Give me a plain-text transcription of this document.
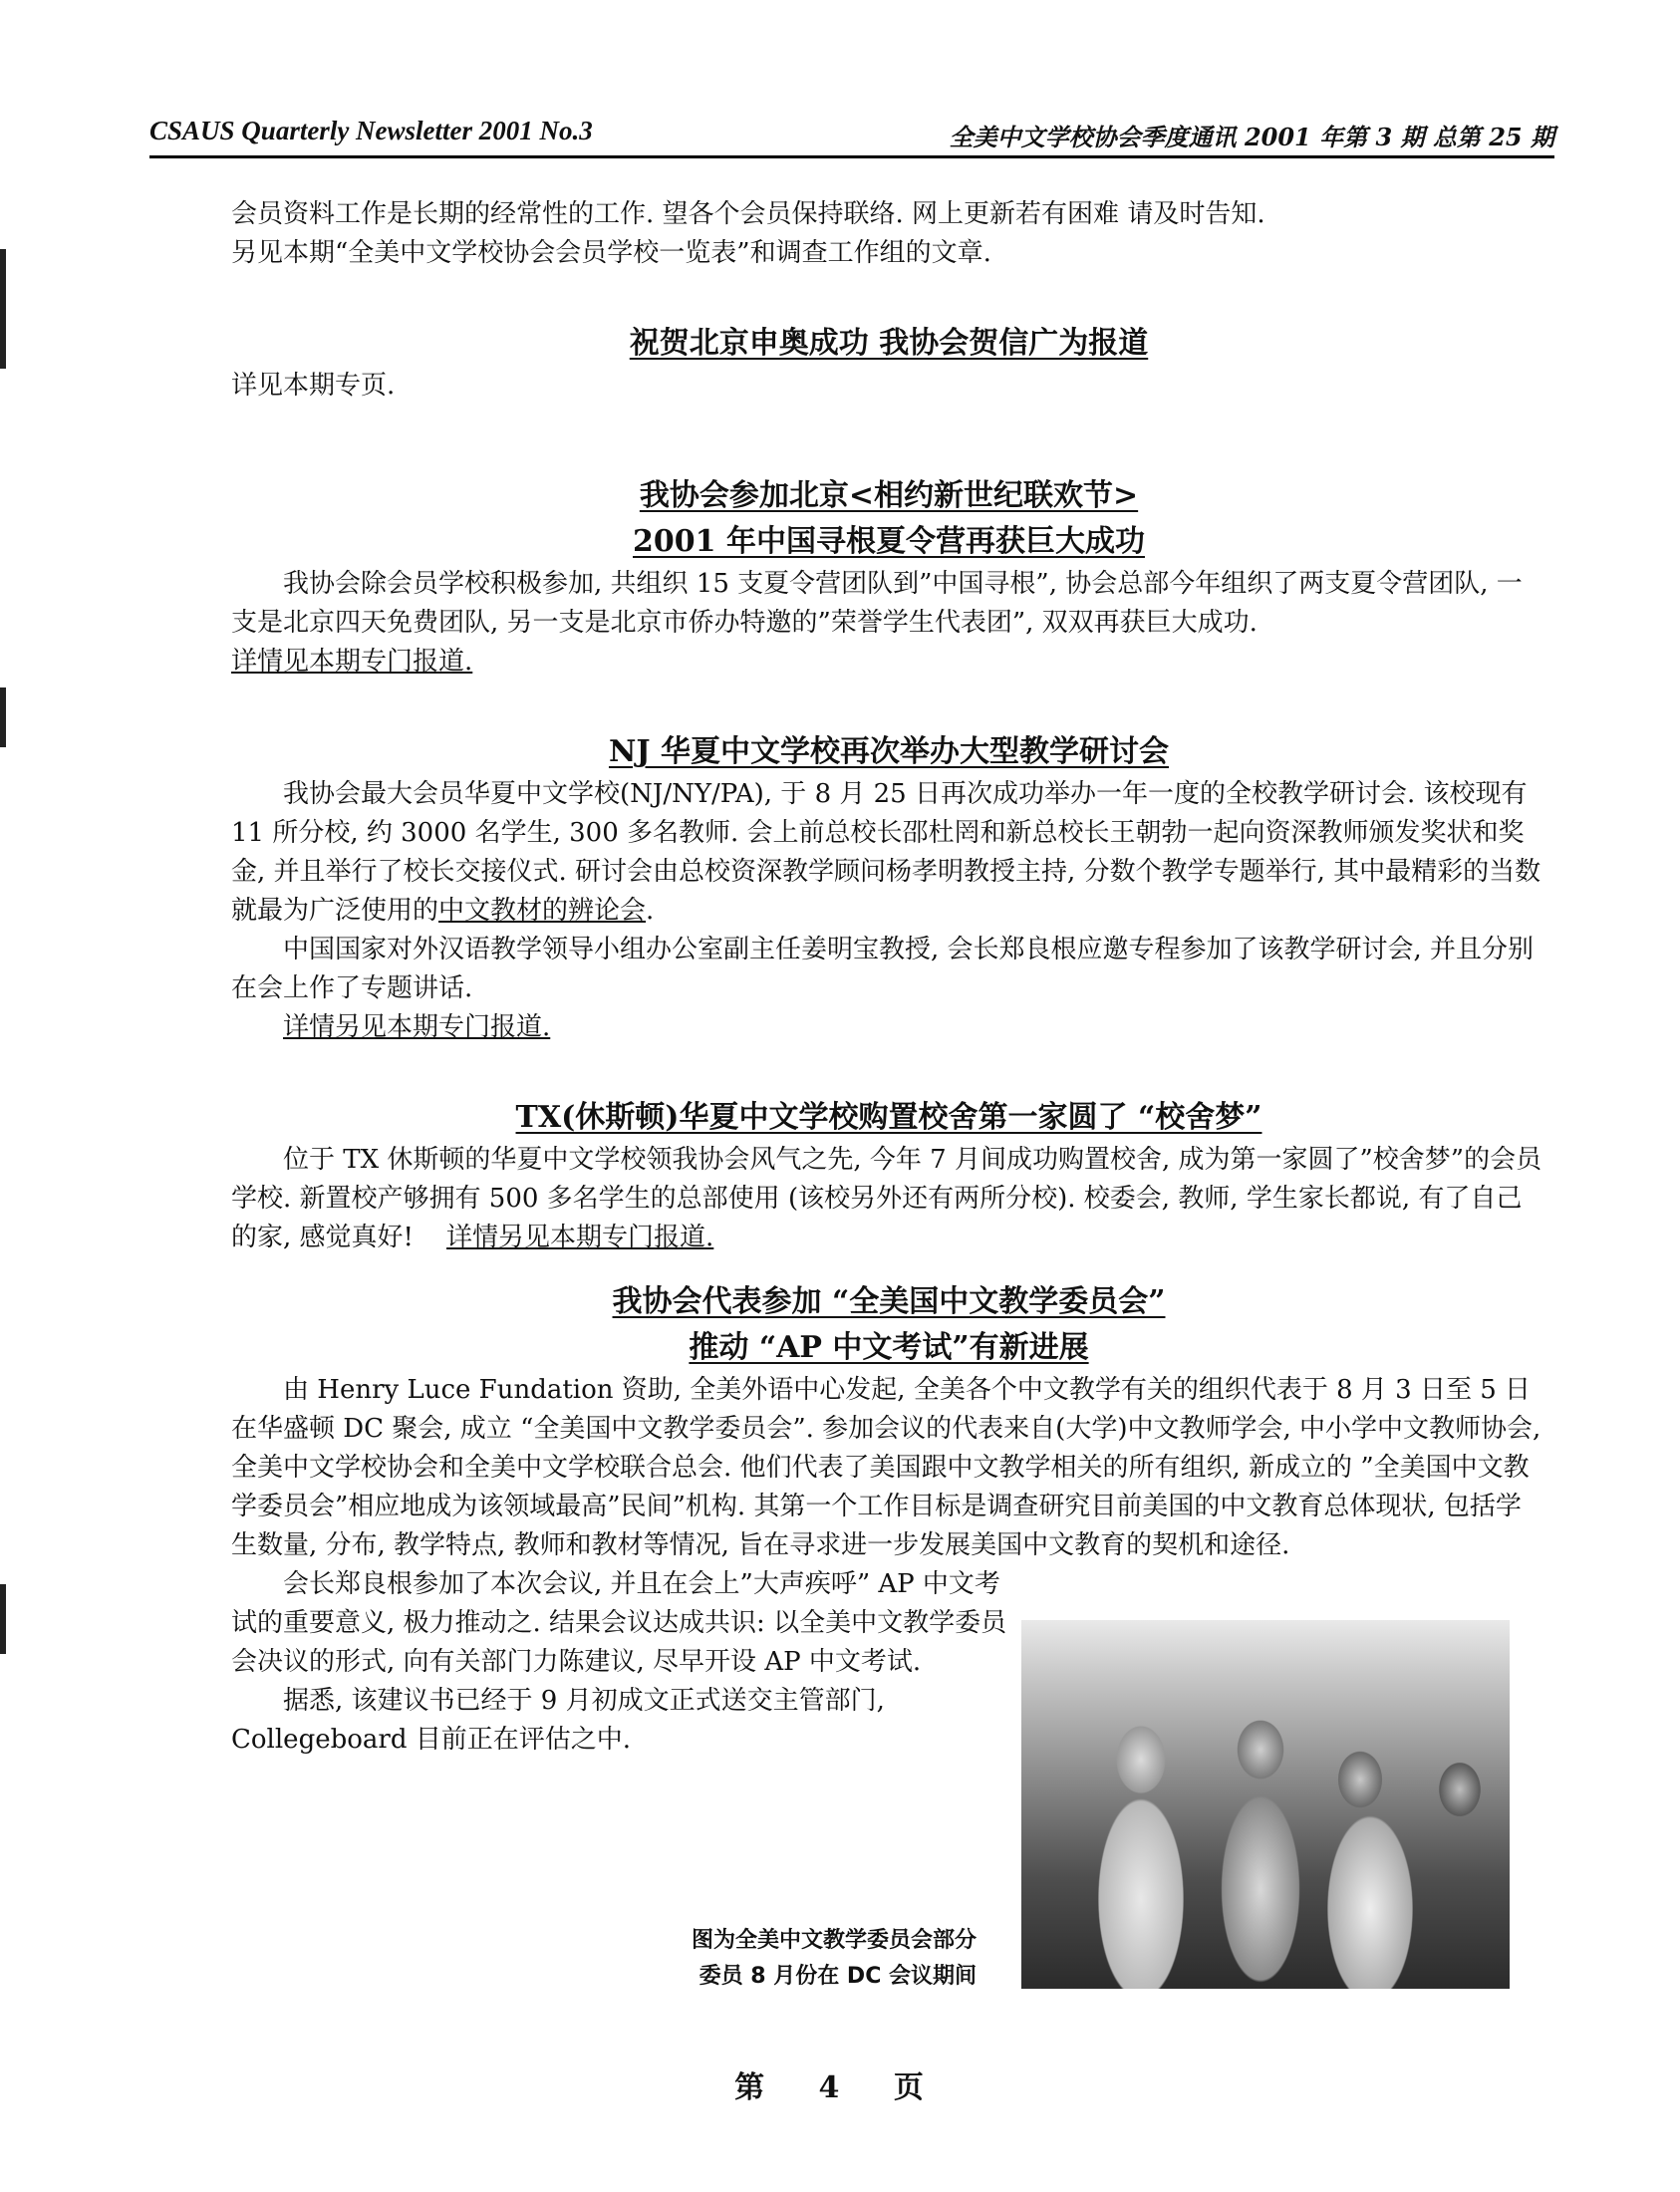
CSAUS Quarterly Newsletter 2001 No.3	全美中文学校协会季度通讯 2001 年第 3 期 总第 25 期

会员资料工作是长期的经常性的工作. 望各个会员保持联络. 网上更新若有困难 请及时告知.

另见本期“全美中文学校协会会员学校一览表”和调查工作组的文章.

祝贺北京申奥成功 我协会贺信广为报道

详见本期专页.

我协会参加北京<相约新世纪联欢节>

2001 年中国寻根夏令营再获巨大成功

我协会除会员学校积极参加, 共组织 15 支夏令营团队到”中国寻根”, 协会总部今年组织了两支夏令营团队, 一支是北京四天免费团队, 另一支是北京市侨办特邀的”荣誉学生代表团”, 双双再获巨大成功.

详情见本期专门报道.

NJ 华夏中文学校再次举办大型教学研讨会

我协会最大会员华夏中文学校(NJ/NY/PA), 于 8 月 25 日再次成功举办一年一度的全校教学研讨会. 该校现有 11 所分校, 约 3000 名学生, 300 多名教师. 会上前总校长邵杜罔和新总校长王朝勃一起向资深教师颁发奖状和奖金, 并且举行了校长交接仪式. 研讨会由总校资深教学顾问杨孝明教授主持, 分数个教学专题举行, 其中最精彩的当数就最为广泛使用的中文教材的辨论会.

中国国家对外汉语教学领导小组办公室副主任姜明宝教授, 会长郑良根应邀专程参加了该教学研讨会, 并且分别在会上作了专题讲话.

详情另见本期专门报道.

TX(休斯顿)华夏中文学校购置校舍第一家圆了 “校舍梦”

位于 TX 休斯顿的华夏中文学校领我协会风气之先, 今年 7 月间成功购置校舍, 成为第一家圆了”校舍梦”的会员学校. 新置校产够拥有 500 多名学生的总部使用 (该校另外还有两所分校). 校委会, 教师, 学生家长都说, 有了自己的家, 感觉真好! 详情另见本期专门报道.

我协会代表参加 “全美国中文教学委员会”

推动 “AP 中文考试”有新进展

由 Henry Luce Fundation 资助, 全美外语中心发起, 全美各个中文教学有关的组织代表于 8 月 3 日至 5 日在华盛顿 DC 聚会, 成立 “全美国中文教学委员会”. 参加会议的代表来自(大学)中文教师学会, 中小学中文教师协会, 全美中文学校协会和全美中文学校联合总会. 他们代表了美国跟中文教学相关的所有组织, 新成立的 ”全美国中文教学委员会”相应地成为该领域最高”民间”机构. 其第一个工作目标是调查研究目前美国的中文教育总体现状, 包括学生数量, 分布, 教学特点, 教师和教材等情况, 旨在寻求进一步发展美国中文教育的契机和途径.

会长郑良根参加了本次会议, 并且在会上”大声疾呼” AP 中文考试的重要意义, 极力推动之. 结果会议达成共识: 以全美中文教学委员会决议的形式, 向有关部门力陈建议, 尽早开设 AP 中文考试.

据悉, 该建议书已经于 9 月初成文正式送交主管部门, Collegeboard 目前正在评估之中.

图为全美中文教学委员会部分
委员 8 月份在 DC 会议期间
第 4 页
